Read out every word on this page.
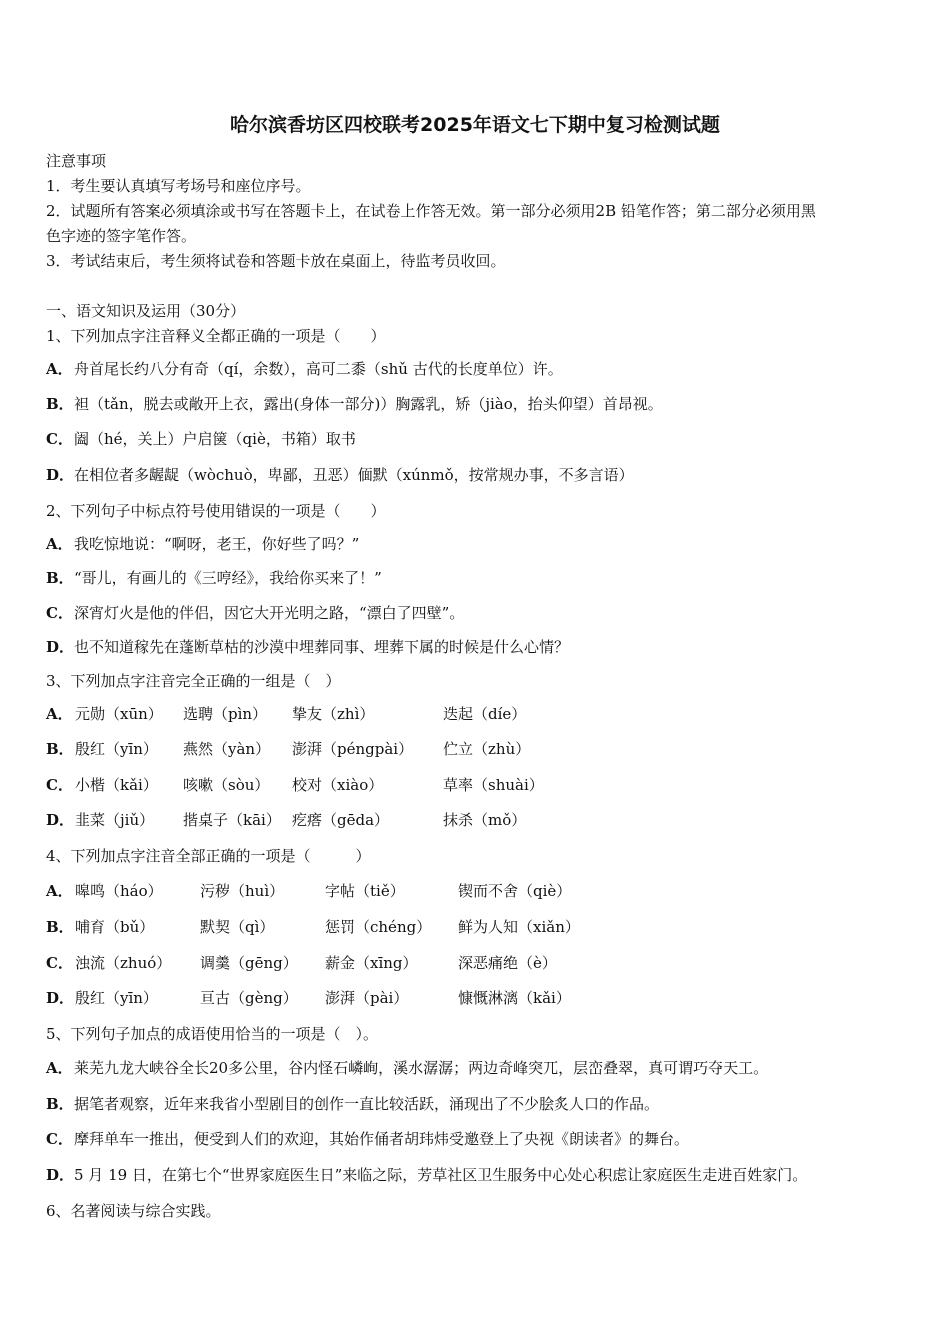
哈尔滨香坊区四校联考2025年语文七下期中复习检测试题
注意事项
1．考生要认真填写考场号和座位序号。
2．试题所有答案必须填涂或书写在答题卡上，在试卷上作答无效。第一部分必须用2B 铅笔作答；第二部分必须用黑
色字迹的签字笔作答。
3．考试结束后，考生须将试卷和答题卡放在桌面上，待监考员收回。
一、语文知识及运用（30分）
1、下列加点字注音释义全都正确的一项是（　　）
A．舟首尾长约八分有奇（qí，余数），高可二黍（shǔ 古代的长度单位）许。
B．袒（tǎn，脱去或敞开上衣，露出(身体一部分)）胸露乳，矫（jiào，抬头仰望）首昂视。
C．阖（hé，关上）户启箧（qiè，书箱）取书
D．在相位者多龌龊（wòchuò，卑鄙，丑恶）偭默（xúnmǒ，按常规办事，不多言语）
2、下列句子中标点符号使用错误的一项是（　　）
A．我吃惊地说：“啊呀，老王，你好些了吗？”
B．“哥儿，有画儿的《三哼经》，我给你买来了！”
C．深宵灯火是他的伴侣，因它大开光明之路，“漂白了四壁”。
D．也不知道稼先在蓬断草枯的沙漠中埋葬同事、埋葬下属的时候是什么心情？
3、下列加点字注音完全正确的一组是（　）
A． 元勋（xūn） 选聘（pìn） 挚友（zhì）	迭起（díe）
B． 殷红（yīn） 燕然（yàn） 澎湃（péngpài） 伫立（zhù）
C． 小楷（kǎi） 咳嗽（sòu） 校对（xiào）	草率（shuài）
D． 韭菜（jiǔ） 揩桌子（kāi） 疙瘩（gēda）	抹杀（mǒ）
4、下列加点字注音全部正确的一项是（　　　）
A． 嗥鸣（háo） 污秽（huì）	字帖（tiě）	锲而不舍（qiè）
B． 哺育（bǔ）	默契（qì）	惩罚（chéng） 鲜为人知（xiǎn）
C． 浊流（zhuó） 调羹（gēng） 薪金（xīng）	深恶痛绝（è）
D． 殷红（yīn）	亘古（gèng） 澎湃（pài）	慷慨淋漓（kǎi）
5、下列句子加点的成语使用恰当的一项是（　）。
A．莱芜九龙大峡谷全长20多公里，谷内怪石嶙峋，溪水潺潺；两边奇峰突兀，层峦叠翠，真可谓巧夺天工。
B．据笔者观察，近年来我省小型剧目的创作一直比较活跃，涌现出了不少脍炙人口的作品。
C．摩拜单车一推出，便受到人们的欢迎，其始作俑者胡玮炜受邀登上了央视《朗读者》的舞台。
D．5 月 19 日，在第七个“世界家庭医生日”来临之际，芳草社区卫生服务中心处心积虑让家庭医生走进百姓家门。
6、名著阅读与综合实践。
